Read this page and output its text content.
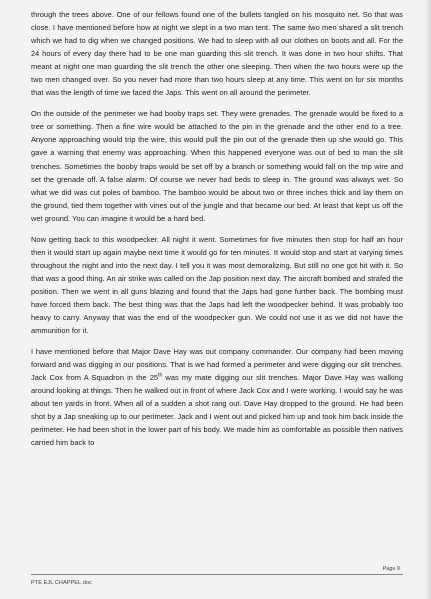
through the trees above. One of our fellows found one of the bullets tangled on his mosquito net. So that was close. I have mentioned before how at night we slept in a two man tent. The same two men shared a slit trench which we had to dig when we changed positions. We had to sleep with all our clothes on boots and all. For the 24 hours of every day there had to be one man guarding this slit trench. It was done in two hour shifts. That meant at night one man guarding the slit trench the other one sleeping. Then when the two hours were up the two men changed over. So you never had more than two hours sleep at any time. This went on for six months that was the length of time we faced the Japs. This went on all around the perimeter.

On the outside of the perimeter we had booby traps set. They were grenades. The grenade would be fixed to a tree or something. Then a fine wire would be attached to the pin in the grenade and the other end to a tree. Anyone approaching would trip the wire, this would pull the pin out of the grenade then up she would go. This gave a warning that enemy was approaching. When this happened everyone was out of bed to man the slit trenches. Sometimes the booby traps would be set off by a branch or something would fall on the trip wire and set the grenade off. A false alarm. Of course we never had beds to sleep in. The ground was always wet. So what we did was cut poles of bamboo. The bamboo would be about two or three inches thick and lay them on the ground, tied them together with vines out of the jungle and that became our bed. At least that kept us off the wet ground. You can imagine it would be a hard bed.

Now getting back to this woodpecker. All night it went. Sometimes for five minutes then stop for half an hour then it would start up again maybe next time it would go for ten minutes. It would stop and start at varying times throughout the night and into the next day. I tell you it was most demoralizing. But still no one got hit with it. So that was a good thing. An air strike was called on the Jap position next day. The aircraft bombed and strafed the position. Then we went in all guns blazing and found that the Japs had gone further back. The bombing must have forced them back. The best thing was that the Japs had left the woodpecker behind. It was probably too heavy to carry. Anyway that was the end of the woodpecker gun. We could not use it as we did not have the ammunition for it.

I have mentioned before that Major Dave Hay was out company commander. Our company had been moving forward and was digging in our positions. That is we had formed a perimeter and were digging our slit trenches. Jack Cox from A Squadron in the 25th was my mate digging our slit trenches. Major Dave Hay was walking around looking at things. Then he walked out in front of where Jack Cox and I were working. I would say he was about ten yards in front. When all of a sudden a shot rang out. Dave Hay dropped to the ground. He had been shot by a Jap sneaking up to our perimeter. Jack and I went out and picked him up and took him back inside the perimeter. He had been shot in the lower part of his body. We made him as comfortable as possible then natives carried him back to

Page 9
PTE EJL CHAPPEL.doc
